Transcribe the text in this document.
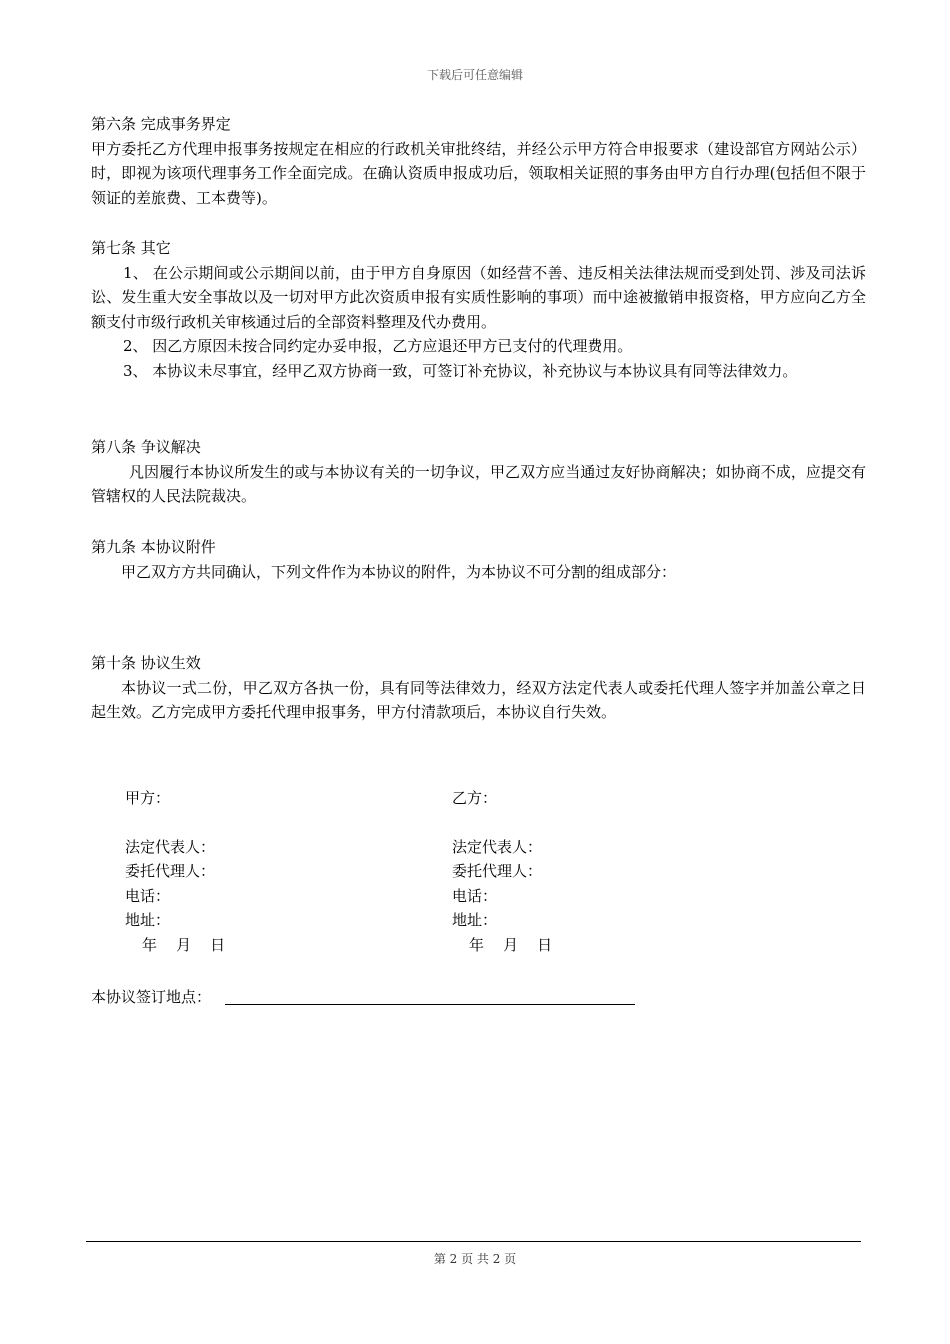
下载后可任意编辑
第六条 完成事务界定
甲方委托乙方代理申报事务按规定在相应的行政机关审批终结，并经公示甲方符合申报要求（建设部官方网站公示）时，即视为该项代理事务工作全面完成。在确认资质申报成功后，领取相关证照的事务由甲方自行办理(包括但不限于领证的差旅费、工本费等)。
第七条 其它
1、 在公示期间或公示期间以前，由于甲方自身原因（如经营不善、违反相关法律法规而受到处罚、涉及司法诉讼、发生重大安全事故以及一切对甲方此次资质申报有实质性影响的事项）而中途被撤销申报资格，甲方应向乙方全额支付市级行政机关审核通过后的全部资料整理及代办费用。
2、 因乙方原因未按合同约定办妥申报，乙方应退还甲方已支付的代理费用。
3、 本协议未尽事宜，经甲乙双方协商一致，可签订补充协议，补充协议与本协议具有同等法律效力。
第八条 争议解决
凡因履行本协议所发生的或与本协议有关的一切争议，甲乙双方应当通过友好协商解决；如协商不成，应提交有管辖权的人民法院裁决。
第九条 本协议附件
甲乙双方方共同确认，下列文件作为本协议的附件，为本协议不可分割的组成部分：
第十条 协议生效
本协议一式二份，甲乙双方各执一份，具有同等法律效力，经双方法定代表人或委托代理人签字并加盖公章之日起生效。乙方完成甲方委托代理申报事务，甲方付清款项后，本协议自行失效。
甲方：
法定代表人：
委托代理人：
电话：
地址：
年    月    日
乙方：
法定代表人：
委托代理人：
电话：
地址：
年    月    日
本协议签订地点：
第 2 页 共 2 页
